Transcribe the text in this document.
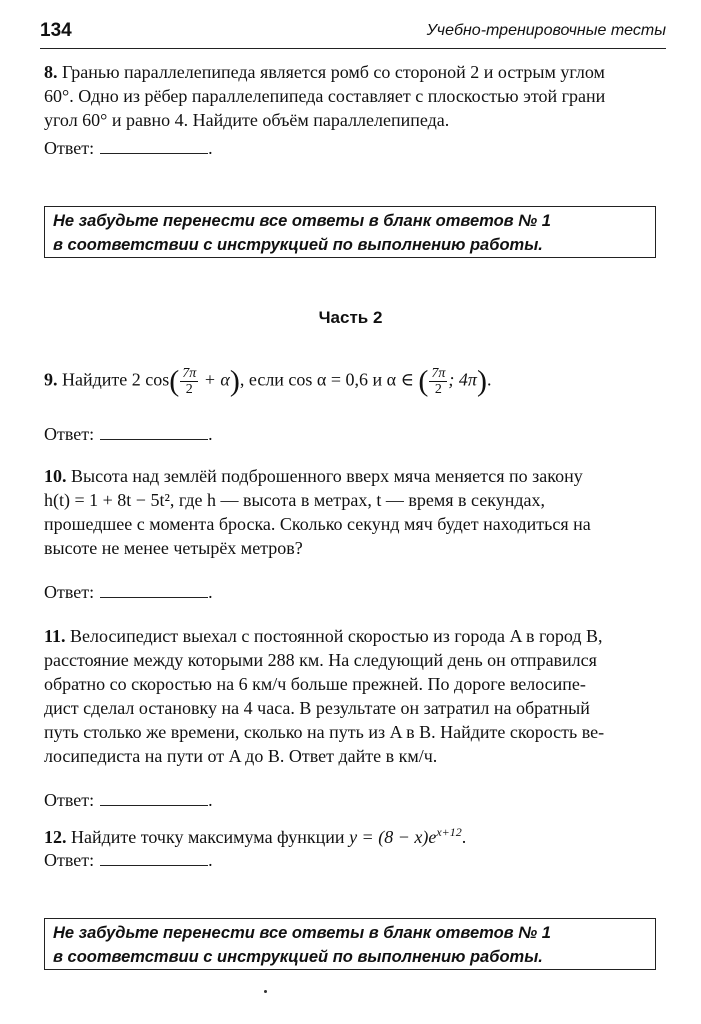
134	Учебно-тренировочные тесты
8. Гранью параллелепипеда является ромб со стороной 2 и острым углом
60°. Одно из рёбер параллелепипеда составляет с плоскостью этой грани
угол 60° и равно 4. Найдите объём параллелепипеда.
Ответ:	.
Не забудьте перенести все ответы в бланк ответов № 1
в соответствии с инструкцией по выполнению работы.
Часть 2
9. Найдите 2 $\cos( \frac{7\pi}{2} + \alpha)$, если cos α = 0,6 и α ∈ ( $\frac{7\pi}{2}$ ; 4π).
Ответ:	.
10. Высота над землёй подброшенного вверх мяча меняется по закону
h(t) = 1 + 8t − 5t², где h — высота в метрах, t — время в секундах,
прошедшее с момента броска. Сколько секунд мяч будет находиться на
высоте не менее четырёх метров?
Ответ:	.
11. Велосипедист выехал с постоянной скоростью из города A в город B,
расстояние между которыми 288 км. На следующий день он отправился
обратно со скоростью на 6 км/ч больше прежней. По дороге велосипе-
дист сделал остановку на 4 часа. В результате он затратил на обратный
путь столько же времени, сколько на путь из A в B. Найдите скорость ве-
лосипедиста на пути от A до B. Ответ дайте в км/ч.
Ответ:	.
12. Найдите точку максимума функции $y = (8 - x)e^{x+12}$.
Ответ:	.
Не забудьте перенести все ответы в бланк ответов № 1
в соответствии с инструкцией по выполнению работы.
